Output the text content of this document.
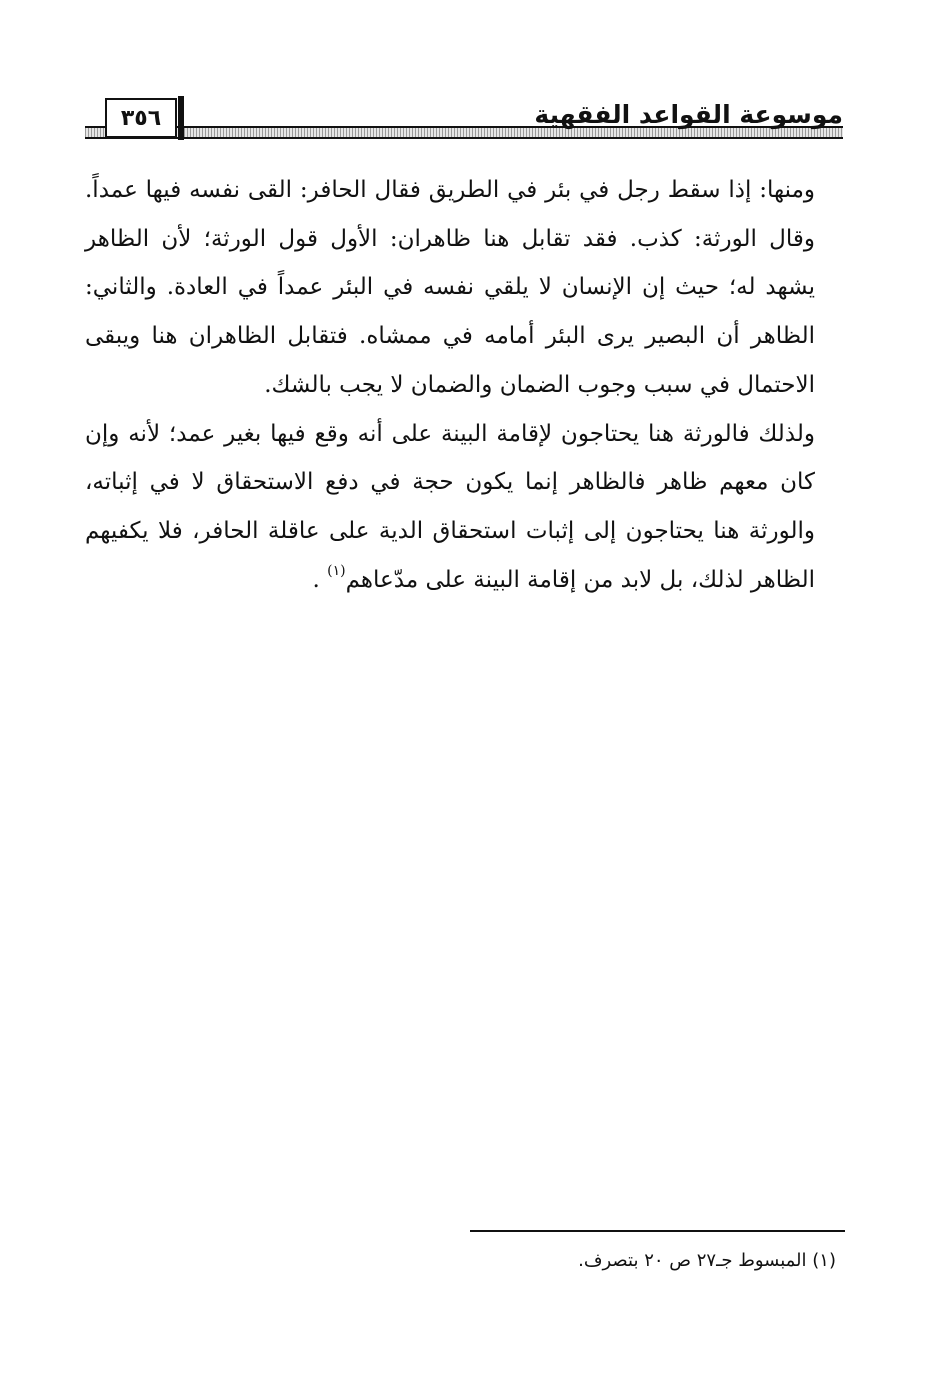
٣٥٦	موسوعة القواعد الفقهية

ومنها: إذا سقط رجل في بئر في الطريق فقال الحافر: القى نفسه فيها عمداً. وقال الورثة: كذب. فقد تقابل هنا ظاهران: الأول قول الورثة؛ لأن الظاهر يشهد له؛ حيث إن الإنسان لا يلقي نفسه في البئر عمداً في العادة. والثاني: الظاهر أن البصير يرى البئر أمامه في ممشاه. فتقابل الظاهران هنا ويبقى الاحتمال في سبب وجوب الضمان والضمان لا يجب بالشك.

ولذلك فالورثة هنا يحتاجون لإقامة البينة على أنه وقع فيها بغير عمد؛ لأنه وإن كان معهم ظاهر فالظاهر إنما يكون حجة في دفع الاستحقاق لا في إثباته، والورثة هنا يحتاجون إلى إثبات استحقاق الدية على عاقلة الحافر، فلا يكفيهم الظاهر لذلك، بل لابد من إقامة البينة على مدّعاهم$^{(١)}$ .

(١) المبسوط جـ٢٧ ص ٢٠ بتصرف.
